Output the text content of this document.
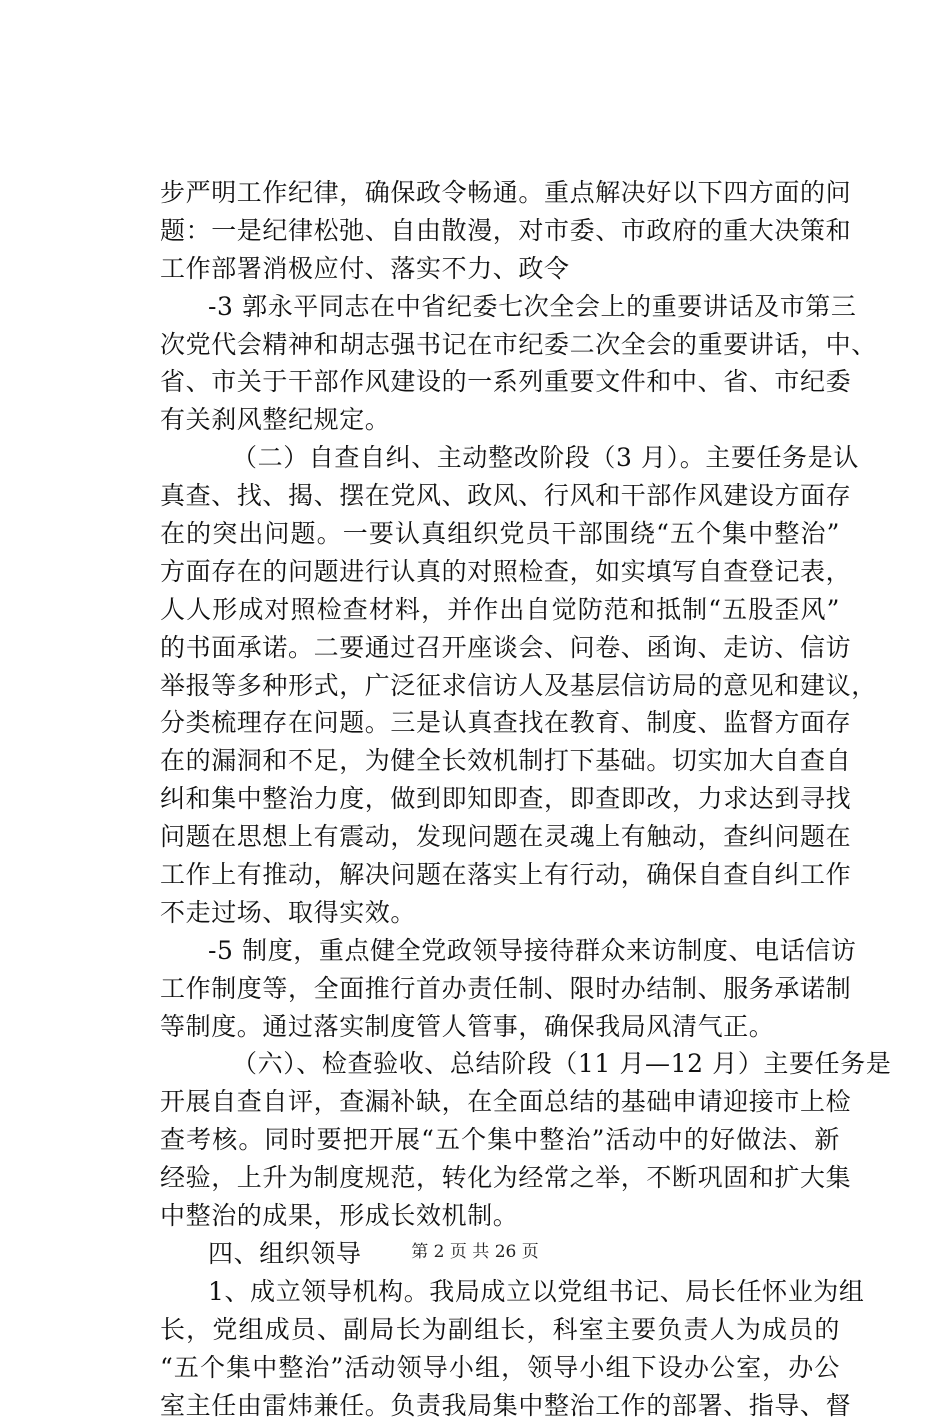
步严明工作纪律，确保政令畅通。重点解决好以下四方面的问
题：一是纪律松弛、自由散漫，对市委、市政府的重大决策和
工作部署消极应付、落实不力、政令
-3 郭永平同志在中省纪委七次全会上的重要讲话及市第三
次党代会精神和胡志强书记在市纪委二次全会的重要讲话，中、
省、市关于干部作风建设的一系列重要文件和中、省、市纪委
有关刹风整纪规定。
（二）自查自纠、主动整改阶段（3 月）。主要任务是认
真查、找、揭、摆在党风、政风、行风和干部作风建设方面存
在的突出问题。一要认真组织党员干部围绕“五个集中整治”
方面存在的问题进行认真的对照检查，如实填写自查登记表，
人人形成对照检查材料，并作出自觉防范和抵制“五股歪风”
的书面承诺。二要通过召开座谈会、问卷、函询、走访、信访
举报等多种形式，广泛征求信访人及基层信访局的意见和建议，
分类梳理存在问题。三是认真查找在教育、制度、监督方面存
在的漏洞和不足，为健全长效机制打下基础。切实加大自查自
纠和集中整治力度，做到即知即查，即查即改，力求达到寻找
问题在思想上有震动，发现问题在灵魂上有触动，查纠问题在
工作上有推动，解决问题在落实上有行动，确保自查自纠工作
不走过场、取得实效。
-5 制度，重点健全党政领导接待群众来访制度、电话信访
工作制度等，全面推行首办责任制、限时办结制、服务承诺制
等制度。通过落实制度管人管事，确保我局风清气正。
（六）、检查验收、总结阶段（11 月—12 月）主要任务是
开展自查自评，查漏补缺，在全面总结的基础申请迎接市上检
查考核。同时要把开展“五个集中整治”活动中的好做法、新
经验，上升为制度规范，转化为经常之举，不断巩固和扩大集
中整治的成果，形成长效机制。
四、组织领导
1、成立领导机构。我局成立以党组书记、局长任怀业为组
长，党组成员、副局长为副组长，科室主要负责人为成员的
“五个集中整治”活动领导小组，领导小组下设办公室，办公
室主任由雷炜兼任。负责我局集中整治工作的部署、指导、督
第 2 页 共 26 页
